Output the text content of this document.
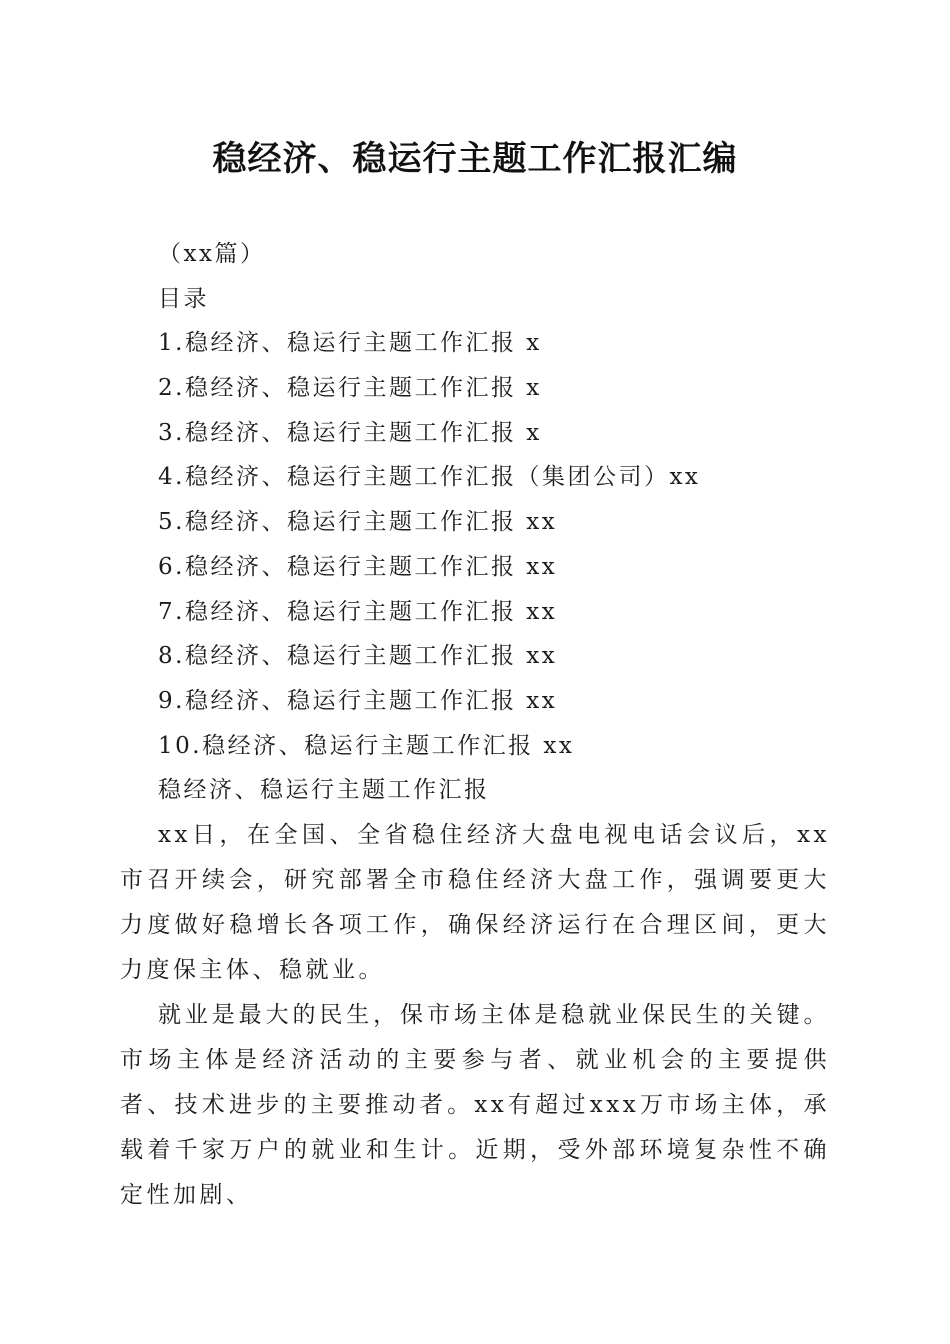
稳经济、稳运行主题工作汇报汇编
（xx篇）
目录
1.稳经济、稳运行主题工作汇报 x
2.稳经济、稳运行主题工作汇报 x
3.稳经济、稳运行主题工作汇报 x
4.稳经济、稳运行主题工作汇报（集团公司）xx
5.稳经济、稳运行主题工作汇报 xx
6.稳经济、稳运行主题工作汇报 xx
7.稳经济、稳运行主题工作汇报 xx
8.稳经济、稳运行主题工作汇报 xx
9.稳经济、稳运行主题工作汇报 xx
10.稳经济、稳运行主题工作汇报 xx
稳经济、稳运行主题工作汇报

xx日，在全国、全省稳住经济大盘电视电话会议后，xx市召开续会，研究部署全市稳住经济大盘工作，强调要更大力度做好稳增长各项工作，确保经济运行在合理区间，更大力度保主体、稳就业。

就业是最大的民生，保市场主体是稳就业保民生的关键。市场主体是经济活动的主要参与者、就业机会的主要提供者、技术进步的主要推动者。xx有超过xxx万市场主体，承载着千家万户的就业和生计。近期，受外部环境复杂性不确定性加剧、
